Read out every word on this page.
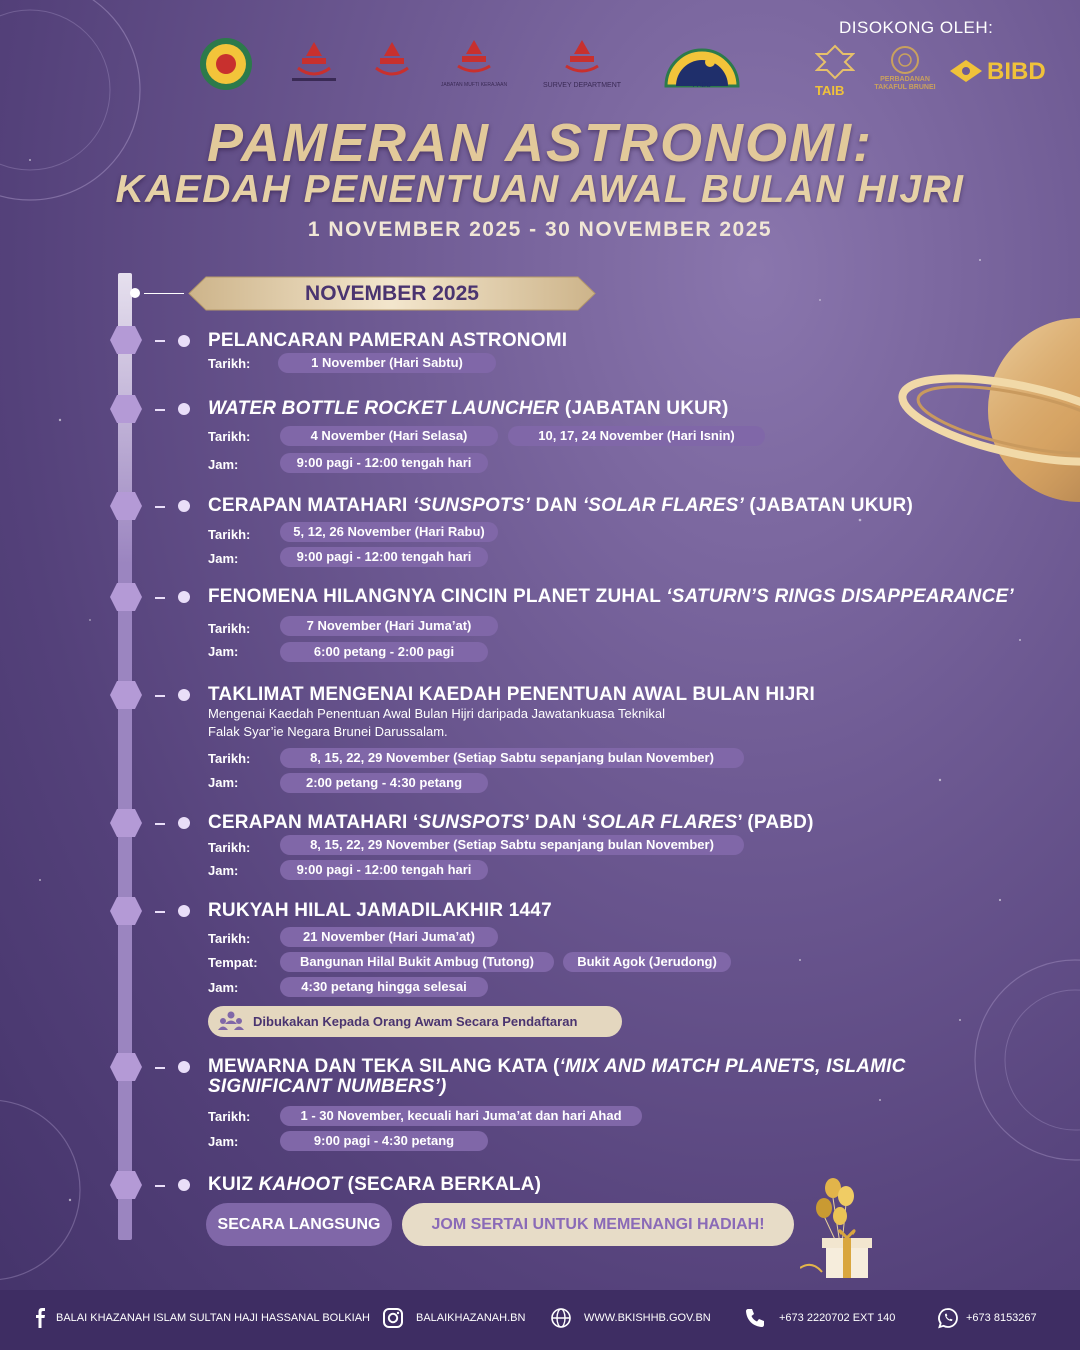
JABATAN MUFTI KERAJAAN	SURVEY DEPARTMENT	PABD
DISOKONG OLEH:
TAIB
PERBADANAN TAKAFUL BRUNEI
BIBD
PAMERAN ASTRONOMI:
KAEDAH PENENTUAN AWAL BULAN HIJRI
1 NOVEMBER 2025 - 30 NOVEMBER 2025
NOVEMBER 2025
PELANCARAN PAMERAN ASTRONOMI
Tarikh:	1 November (Hari Sabtu)
WATER BOTTLE ROCKET LAUNCHER (JABATAN UKUR)
Tarikh:	4 November (Hari Selasa)	10, 17, 24 November (Hari Isnin)
Jam:	9:00 pagi - 12:00 tengah hari
CERAPAN MATAHARI ‘SUNSPOTS’ DAN ‘SOLAR FLARES’ (JABATAN UKUR)
Tarikh:	5, 12, 26 November (Hari Rabu)
Jam:	9:00 pagi - 12:00 tengah hari
FENOMENA HILANGNYA CINCIN PLANET ZUHAL ‘SATURN’S RINGS DISAPPEARANCE’
Tarikh:	7 November (Hari Juma’at)
Jam:	6:00 petang - 2:00 pagi
TAKLIMAT MENGENAI KAEDAH PENENTUAN AWAL BULAN HIJRI
Mengenai Kaedah Penentuan Awal Bulan Hijri daripada Jawatankuasa Teknikal
Falak Syar’ie Negara Brunei Darussalam.
Tarikh:	8, 15, 22, 29 November (Setiap Sabtu sepanjang bulan November)
Jam:	2:00 petang - 4:30 petang
CERAPAN MATAHARI ‘SUNSPOTS’ DAN ‘SOLAR FLARES’ (PABD)
Tarikh:	8, 15, 22, 29 November (Setiap Sabtu sepanjang bulan November)
Jam:	9:00 pagi - 12:00 tengah hari
RUKYAH HILAL JAMADILAKHIR 1447
Tarikh:	21 November (Hari Juma’at)
Tempat:	Bangunan Hilal Bukit Ambug (Tutong)	Bukit Agok (Jerudong)
Jam:	4:30 petang hingga selesai
Dibukakan Kepada Orang Awam Secara Pendaftaran
MEWARNA DAN TEKA SILANG KATA (‘MIX AND MATCH PLANETS, ISLAMIC
SIGNIFICANT NUMBERS’)
Tarikh:	1 - 30 November, kecuali hari Juma’at dan hari Ahad
Jam:	9:00 pagi - 4:30 petang
KUIZ KAHOOT (SECARA BERKALA)
SECARA LANGSUNG	JOM SERTAI UNTUK MEMENANGI HADIAH!
BALAI KHAZANAH ISLAM SULTAN HAJI HASSANAL BOLKIAH	BALAIKHAZANAH.BN	WWW.BKISHHB.GOV.BN	+673 2220702 EXT 140	+673 8153267
